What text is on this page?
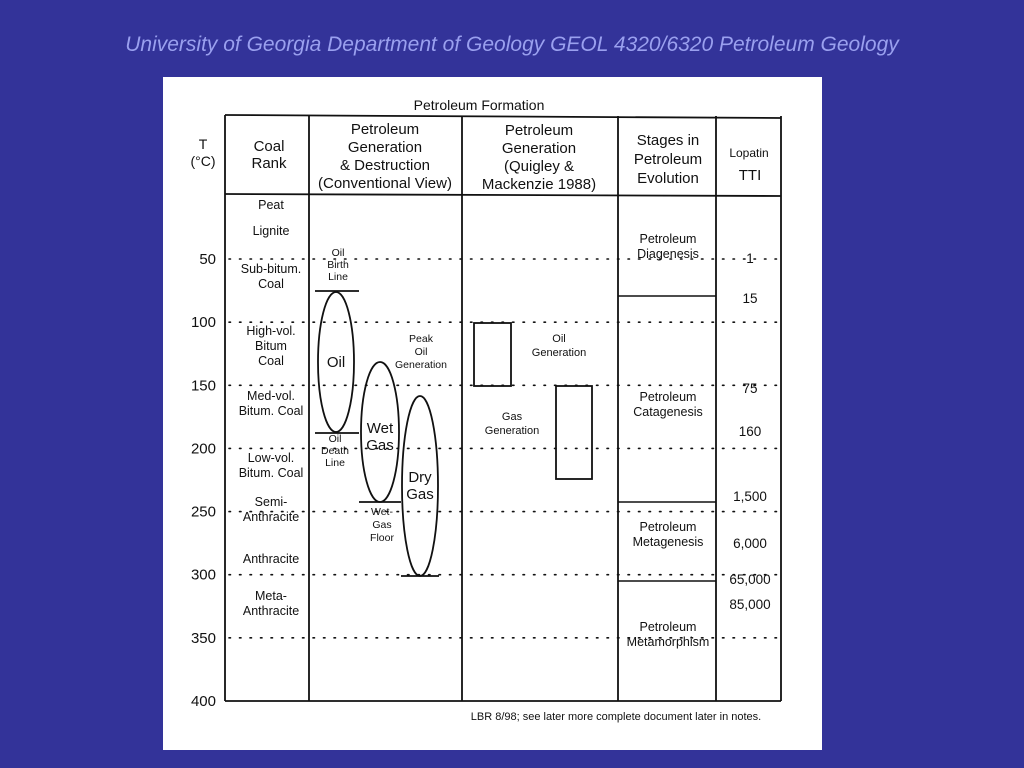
University of Georgia Department of Geology GEOL 4320/6320 Petroleum Geology
Petroleum Formation
T (°C)
Coal Rank
Petroleum Generation & Destruction (Conventional View)
Petroleum Generation (Quigley & Mackenzie 1988)
Stages in Petroleum Evolution
Lopatin
TTI
50
100
150
200
250
300
350
400
Peat
Lignite
Sub-bitum. Coal
High-vol. Bitum Coal
Med-vol. Bitum. Coal
Low-vol. Bitum. Coal
Semi-Anthracite
Anthracite
Meta-Anthracite
Oil Birth Line
Oil
Oil Death Line
Peak Oil Generation
Wet Gas
Wet-Gas Floor
Dry Gas
Oil Generation
Gas Generation
Petroleum Diagenesis
Petroleum Catagenesis
Petroleum Metagenesis
Petroleum Metamorphism
1
15
75
160
1,500
6,000
65,000
85,000
LBR 8/98; see later more complete document later in notes.
